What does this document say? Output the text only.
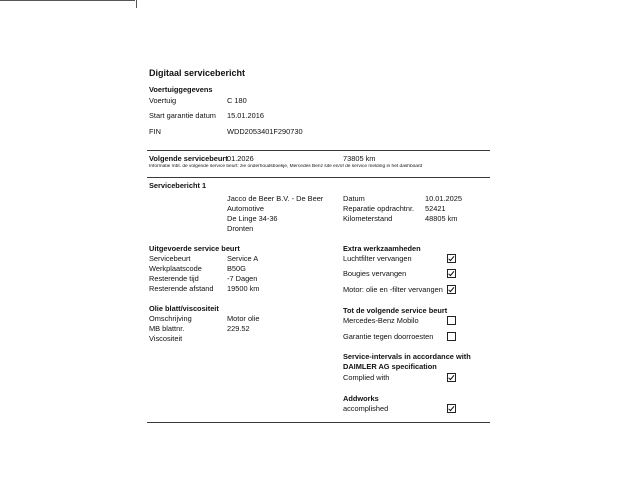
Digitaal servicebericht
Voertuiggegevens
Voertuig	C 180
Start garantie datum 15.01.2016
FIN	WDD2053401F290730
Volgende servicebeurt 01.2026	73805 km
Informatie mbt. de volgende service beurt: zie onderhoudsboekje, Mercedes Benz site en/of de service melding in het dashboard
Servicebericht 1
Jacco de Beer B.V. - De Beer
Automotive
De Linge 34-36
Dronten
Datum	10.01.2025
Reparatie opdrachtnr. 52421
Kilometerstand	48805 km
Uitgevoerde service beurt
Servicebeurt	Service A
Werkplaatscode	B50G
Resterende tijd	-7 Dagen
Resterende afstand 19500 km
Olie blatt/viscositeit
Omschrijving	Motor olie
MB blattnr.	229.52
Viscositeit
Extra werkzaamheden
Luchtfilter vervangen
Bougies vervangen
Motor: olie en -filter vervangen
Tot de volgende service beurt
Mercedes-Benz Mobilo
Garantie tegen doorroesten
Service-intervals in accordance with
DAIMLER AG specification
Complied with
Addworks
accomplished
